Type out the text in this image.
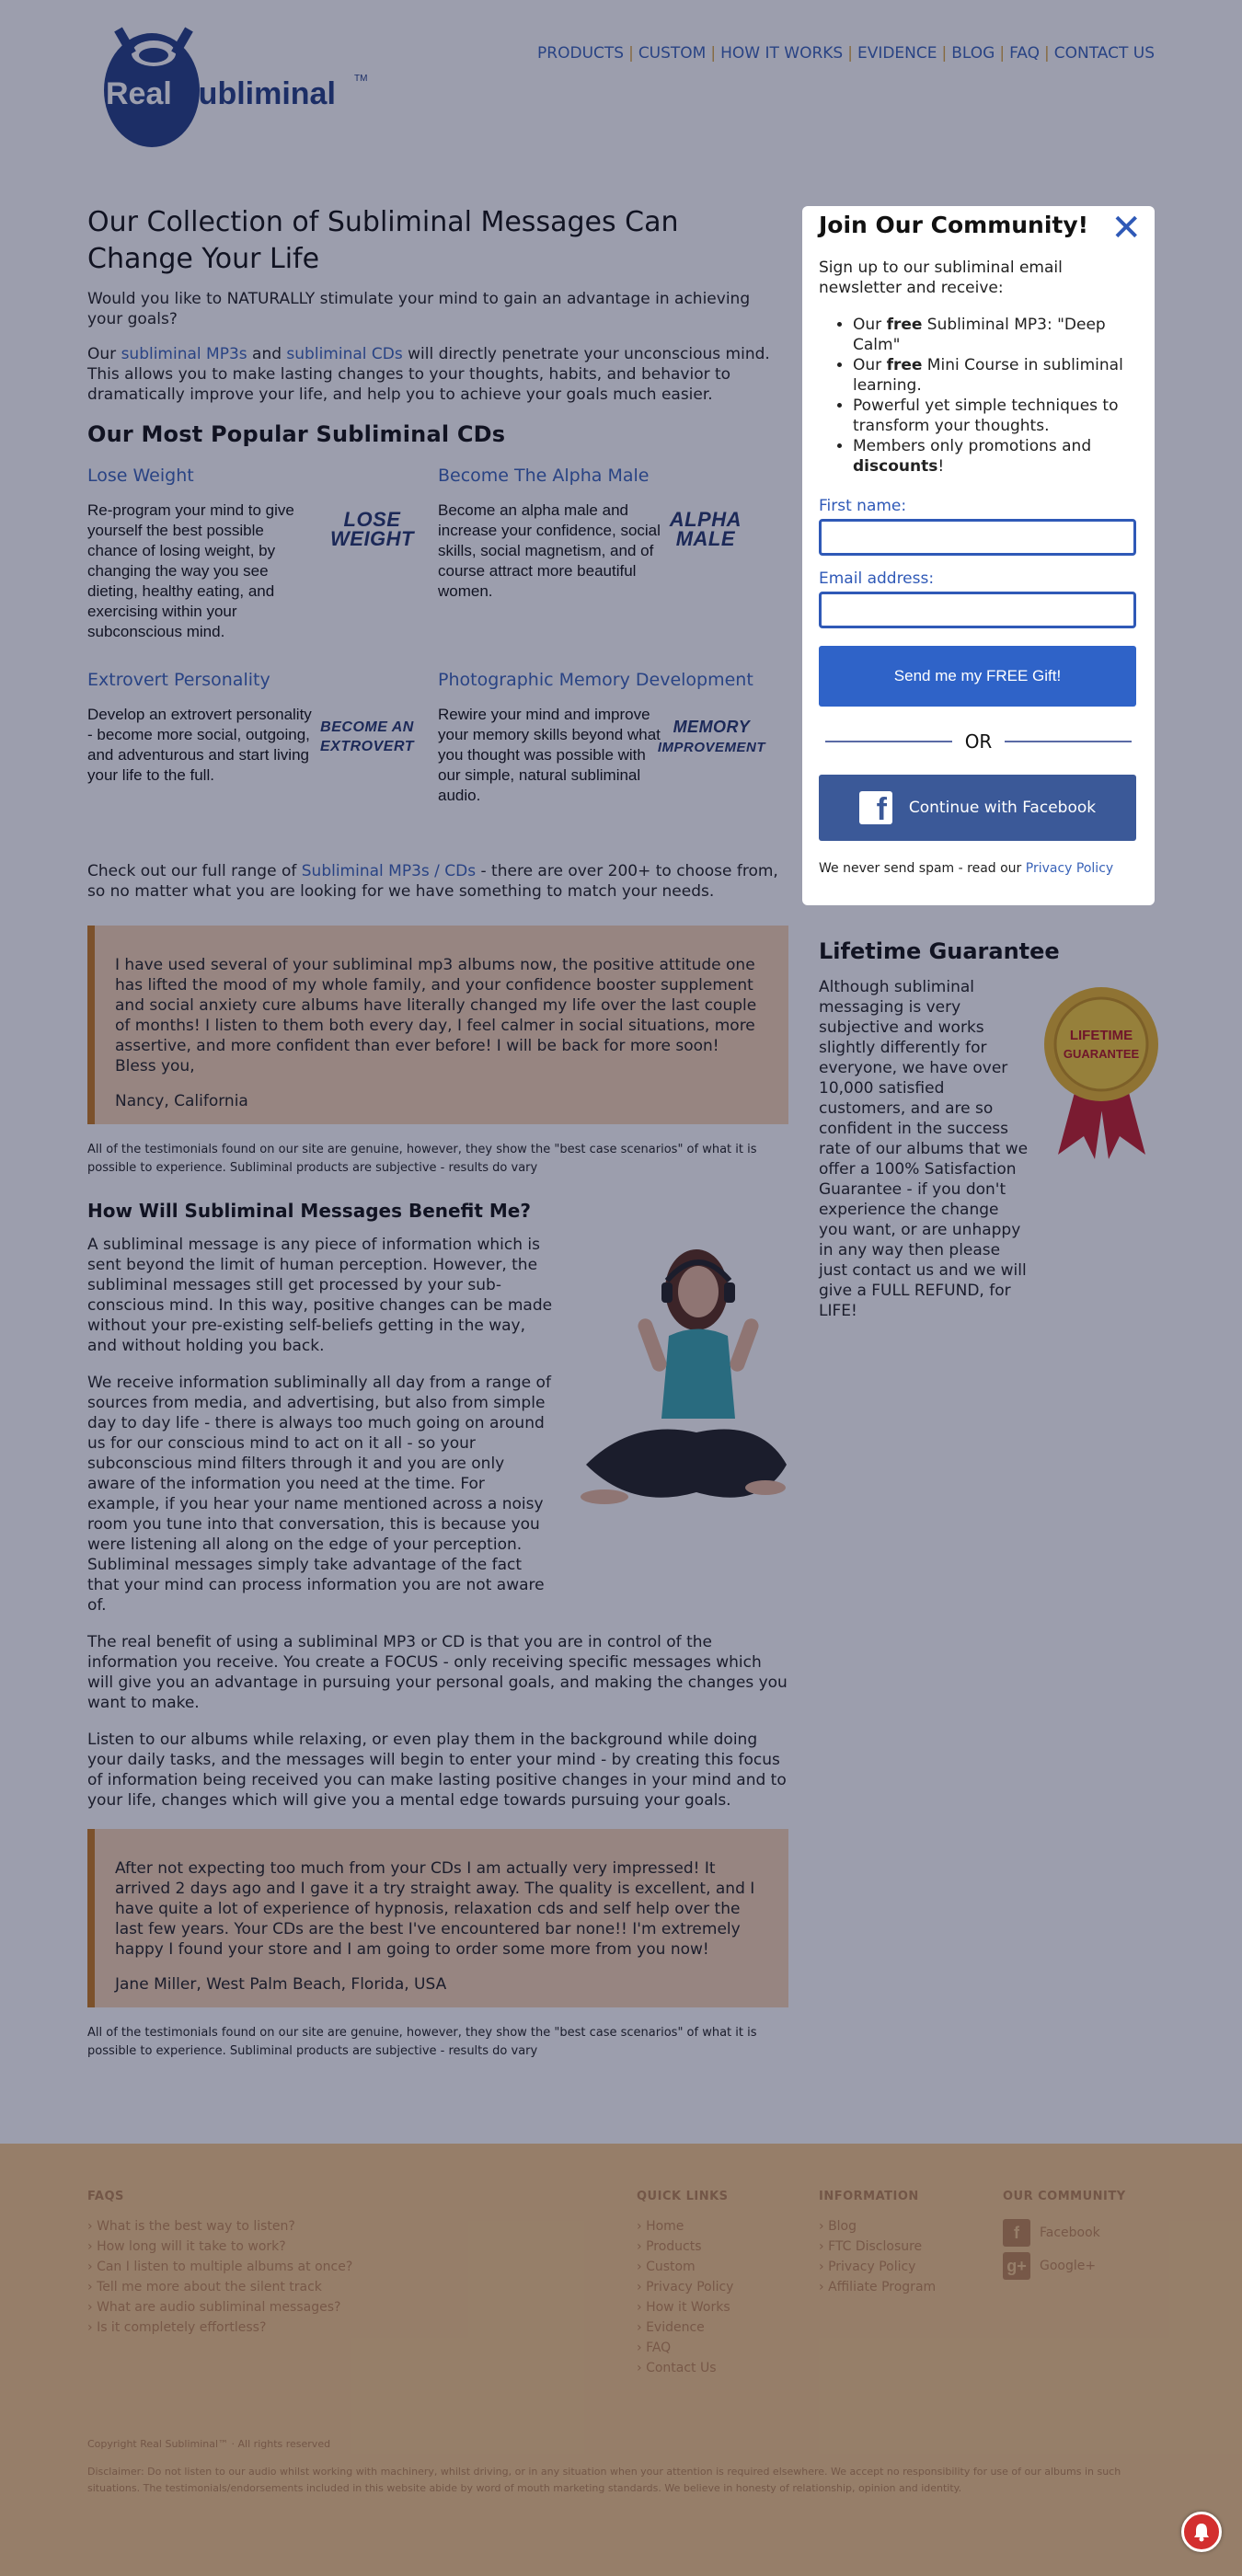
Real Subliminal TM
PRODUCTS | CUSTOM | HOW IT WORKS | EVIDENCE | BLOG | FAQ | CONTACT US
Our Collection of Subliminal Messages Can Change Your Life

Would you like to NATURALLY stimulate your mind to gain an advantage in achieving your goals?

Our subliminal MP3s and subliminal CDs will directly penetrate your unconscious mind. This allows you to make lasting changes to your thoughts, habits, and behavior to dramatically improve your life, and help you to achieve your goals much easier.

Our Most Popular Subliminal CDs
Lose Weight
Re-program your mind to give yourself the best possible chance of losing weight, by changing the way you see dieting, healthy eating, and exercising within your subconscious mind.
LOSE
WEIGHT
Become The Alpha Male
Become an alpha male and increase your confidence, social skills, social magnetism, and of course attract more beautiful women.
ALPHA
MALE
Extrovert Personality
Develop an extrovert personality - become more social, outgoing, and adventurous and start living your life to the full.
BECOME AN
EXTROVERT
Photographic Memory Development
Rewire your mind and improve your memory skills beyond what you thought was possible with our simple, natural subliminal audio.
MEMORY
IMPROVEMENT

Check out our full range of Subliminal MP3s / CDs - there are over 200+ to choose from, so no matter what you are looking for we have something to match your needs.

I have used several of your subliminal mp3 albums now, the positive attitude one has lifted the mood of my whole family, and your confidence booster supplement and social anxiety cure albums have literally changed my life over the last couple of months! I listen to them both every day, I feel calmer in social situations, more assertive, and more confident than ever before! I will be back for more soon! Bless you,
Nancy, California

All of the testimonials found on our site are genuine, however, they show the "best case scenarios" of what it is possible to experience. Subliminal products are subjective - results do vary

How Will Subliminal Messages Benefit Me?

A subliminal message is any piece of information which is sent beyond the limit of human perception. However, the subliminal messages still get processed by your sub-conscious mind. In this way, positive changes can be made without your pre-existing self-beliefs getting in the way, and without holding you back.

We receive information subliminally all day from a range of sources from media, and advertising, but also from simple day to day life - there is always too much going on around us for our conscious mind to act on it all - so your subconscious mind filters through it and you are only aware of the information you need at the time. For example, if you hear your name mentioned across a noisy room you tune into that conversation, this is because you were listening all along on the edge of your perception. Subliminal messages simply take advantage of the fact that your mind can process information you are not aware of.

The real benefit of using a subliminal MP3 or CD is that you are in control of the information you receive. You create a FOCUS - only receiving specific messages which will give you an advantage in pursuing your personal goals, and making the changes you want to make.

Listen to our albums while relaxing, or even play them in the background while doing your daily tasks, and the messages will begin to enter your mind - by creating this focus of information being received you can make lasting positive changes in your mind and to your life, changes which will give you a mental edge towards pursuing your goals.

After not expecting too much from your CDs I am actually very impressed! It arrived 2 days ago and I gave it a try straight away. The quality is excellent, and I have quite a lot of experience of hypnosis, relaxation cds and self help over the last few years. Your CDs are the best I've encountered bar none!! I'm extremely happy I found your store and I am going to order some more from you now!
Jane Miller, West Palm Beach, Florida, USA

All of the testimonials found on our site are genuine, however, they show the "best case scenarios" of what it is possible to experience. Subliminal products are subjective - results do vary

Lifetime Guarantee
LIFETIME
GUARANTEE

Although subliminal messaging is very subjective and works slightly differently for everyone, we have over 10,000 satisfied customers, and are so confident in the success rate of our albums that we offer a 100% Satisfaction Guarantee - if you don't experience the change you want, or are unhappy in any way then please just contact us and we will give a FULL REFUND, for LIFE!

FAQS
› What is the best way to listen?
› How long will it take to work?
› Can I listen to multiple albums at once?
› Tell me more about the silent track
› What are audio subliminal messages?
› Is it completely effortless?
QUICK LINKS
› Home
› Products
› Custom
› Privacy Policy
› How it Works
› Evidence
› FAQ
› Contact Us
INFORMATION
› Blog
› FTC Disclosure
› Privacy Policy
› Affiliate Program
OUR COMMUNITY
f	Facebook
g+	Google+
Copyright Real Subliminal™ · All rights reserved
Disclaimer: Do not listen to our audio whilst working with machinery, whilst driving, or in any situation when your attention is required elsewhere. We accept no responsibility for use of our albums in such situations. The testimonials/endorsements included in this website abide by word of mouth marketing standards. We believe in honesty of relationship, opinion and identity.
Join Our Community! ✕
Sign up to our subliminal email newsletter and receive:
• Our free Subliminal MP3: "Deep Calm"
• Our free Mini Course in subliminal learning.
• Powerful yet simple techniques to transform your thoughts.
• Members only promotions and discounts!
First name:
Email address:
Send me my FREE Gift!
OR
f Continue with Facebook
We never send spam - read our Privacy Policy
